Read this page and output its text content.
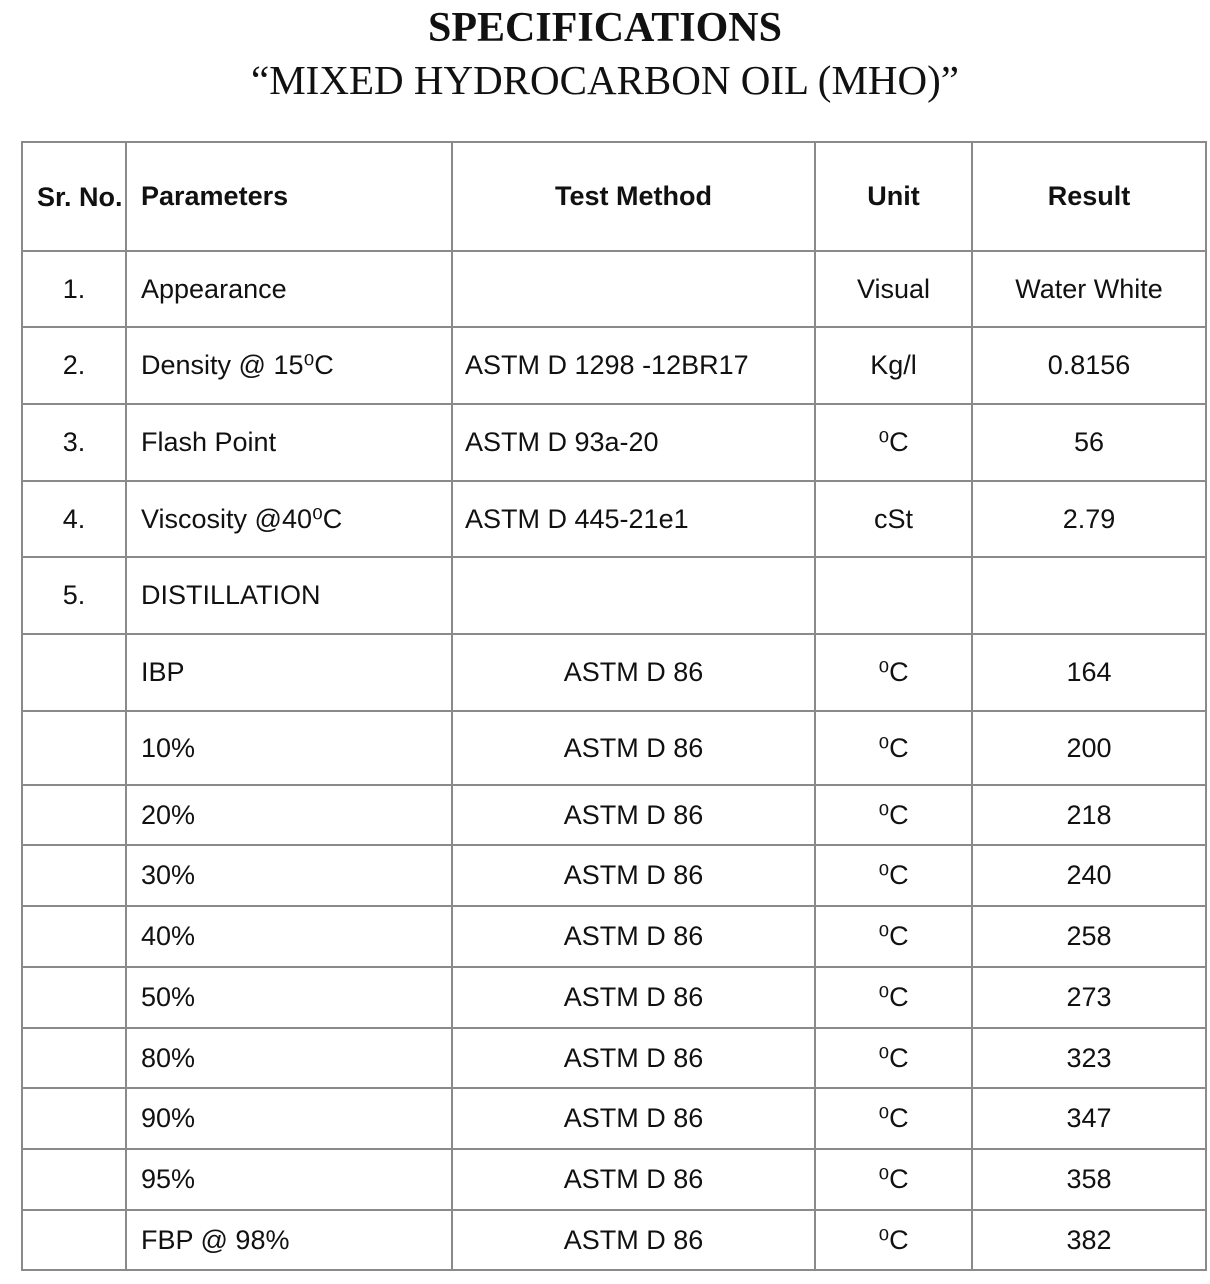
SPECIFICATIONS
“MIXED HYDROCARBON OIL (MHO)”
Sr. No.	Parameters	Test Method	Unit	Result
1.	Appearance		Visual	Water White
2.	Density @ 15⁰C	ASTM D 1298 -12BR17	Kg/l	0.8156
3.	Flash Point	ASTM D 93a-20	⁰C	56
4.	Viscosity @40⁰C	ASTM D 445-21e1	cSt	2.79
5.	DISTILLATION			
	IBP	ASTM D 86	⁰C	164
	10%	ASTM D 86	⁰C	200
	20%	ASTM D 86	⁰C	218
	30%	ASTM D 86	⁰C	240
	40%	ASTM D 86	⁰C	258
	50%	ASTM D 86	⁰C	273
	80%	ASTM D 86	⁰C	323
	90%	ASTM D 86	⁰C	347
	95%	ASTM D 86	⁰C	358
	FBP @ 98%	ASTM D 86	⁰C	382
